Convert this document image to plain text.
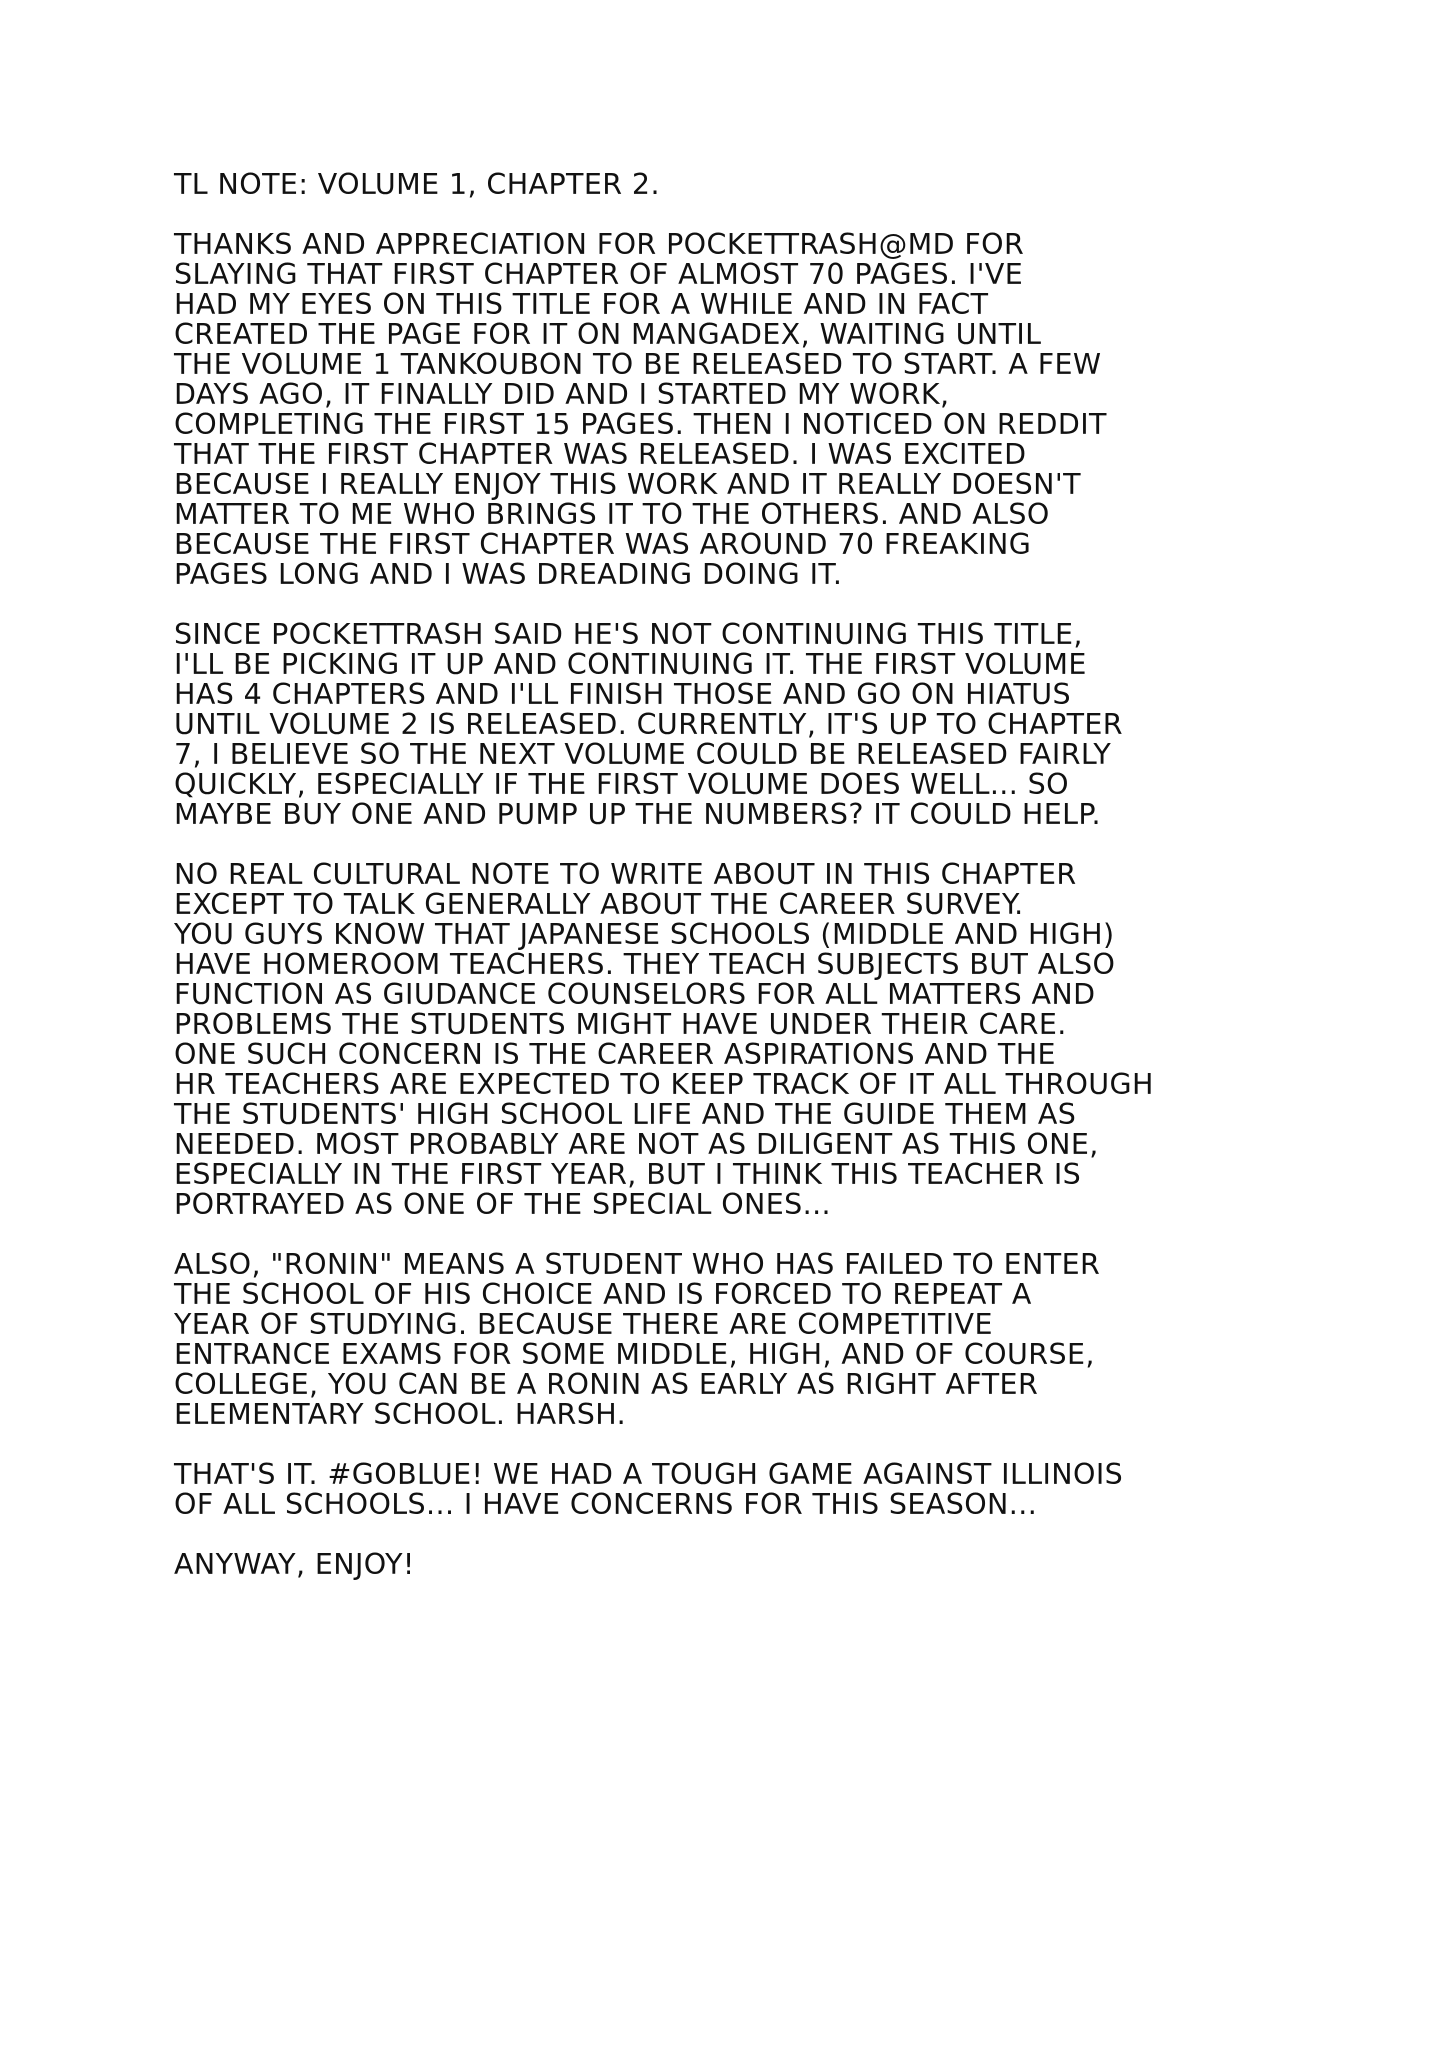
TL NOTE: VOLUME 1, CHAPTER 2.
THANKS AND APPRECIATION FOR POCKETTRASH@MD FOR
SLAYING THAT FIRST CHAPTER OF ALMOST 70 PAGES. I'VE
HAD MY EYES ON THIS TITLE FOR A WHILE AND IN FACT
CREATED THE PAGE FOR IT ON MANGADEX, WAITING UNTIL
THE VOLUME 1 TANKOUBON TO BE RELEASED TO START. A FEW
DAYS AGO, IT FINALLY DID AND I STARTED MY WORK,
COMPLETING THE FIRST 15 PAGES. THEN I NOTICED ON REDDIT
THAT THE FIRST CHAPTER WAS RELEASED. I WAS EXCITED
BECAUSE I REALLY ENJOY THIS WORK AND IT REALLY DOESN'T
MATTER TO ME WHO BRINGS IT TO THE OTHERS. AND ALSO
BECAUSE THE FIRST CHAPTER WAS AROUND 70 FREAKING
PAGES LONG AND I WAS DREADING DOING IT.
SINCE POCKETTRASH SAID HE'S NOT CONTINUING THIS TITLE,
I'LL BE PICKING IT UP AND CONTINUING IT. THE FIRST VOLUME
HAS 4 CHAPTERS AND I'LL FINISH THOSE AND GO ON HIATUS
UNTIL VOLUME 2 IS RELEASED. CURRENTLY, IT'S UP TO CHAPTER
7, I BELIEVE SO THE NEXT VOLUME COULD BE RELEASED FAIRLY
QUICKLY, ESPECIALLY IF THE FIRST VOLUME DOES WELL... SO
MAYBE BUY ONE AND PUMP UP THE NUMBERS? IT COULD HELP.
NO REAL CULTURAL NOTE TO WRITE ABOUT IN THIS CHAPTER
EXCEPT TO TALK GENERALLY ABOUT THE CAREER SURVEY.
YOU GUYS KNOW THAT JAPANESE SCHOOLS (MIDDLE AND HIGH)
HAVE HOMEROOM TEACHERS. THEY TEACH SUBJECTS BUT ALSO
FUNCTION AS GIUDANCE COUNSELORS FOR ALL MATTERS AND
PROBLEMS THE STUDENTS MIGHT HAVE UNDER THEIR CARE.
ONE SUCH CONCERN IS THE CAREER ASPIRATIONS AND THE
HR TEACHERS ARE EXPECTED TO KEEP TRACK OF IT ALL THROUGH
THE STUDENTS' HIGH SCHOOL LIFE AND THE GUIDE THEM AS
NEEDED. MOST PROBABLY ARE NOT AS DILIGENT AS THIS ONE,
ESPECIALLY IN THE FIRST YEAR, BUT I THINK THIS TEACHER IS
PORTRAYED AS ONE OF THE SPECIAL ONES...
ALSO, "RONIN" MEANS A STUDENT WHO HAS FAILED TO ENTER
THE SCHOOL OF HIS CHOICE AND IS FORCED TO REPEAT A
YEAR OF STUDYING. BECAUSE THERE ARE COMPETITIVE
ENTRANCE EXAMS FOR SOME MIDDLE, HIGH, AND OF COURSE,
COLLEGE, YOU CAN BE A RONIN AS EARLY AS RIGHT AFTER
ELEMENTARY SCHOOL. HARSH.
THAT'S IT. #GOBLUE! WE HAD A TOUGH GAME AGAINST ILLINOIS
OF ALL SCHOOLS... I HAVE CONCERNS FOR THIS SEASON...
ANYWAY, ENJOY!
